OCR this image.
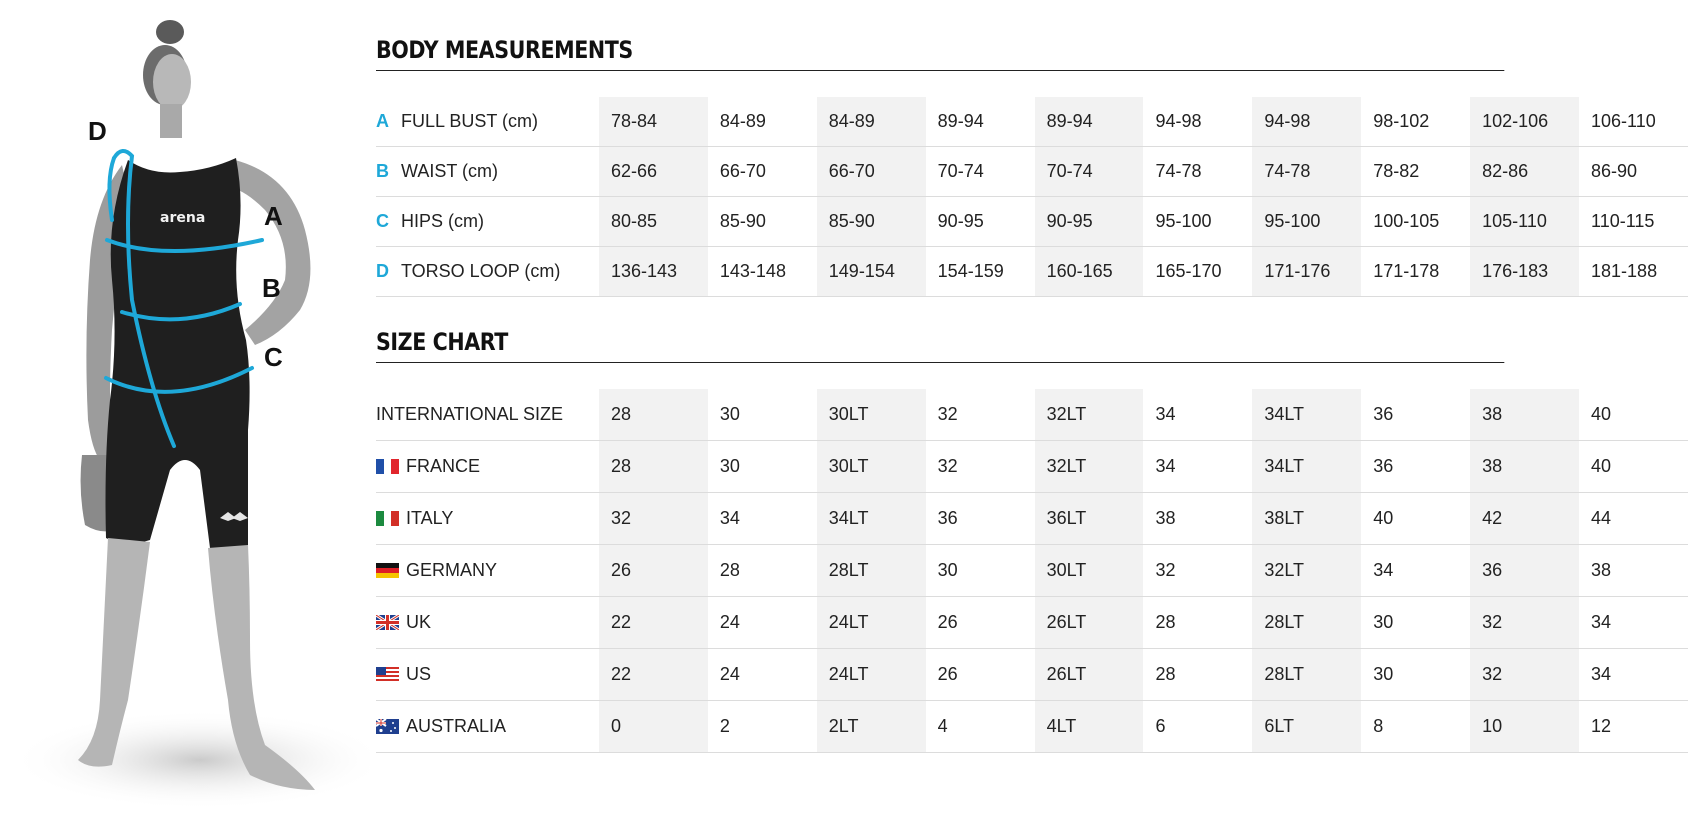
arena
D
A
B
C
BODY MEASUREMENTS
A FULL BUST (cm)	78-84	84-89	84-89	89-94	89-94	94-98	94-98	98-102	102-106	106-110
B WAIST (cm)	62-66	66-70	66-70	70-74	70-74	74-78	74-78	78-82	82-86	86-90
C HIPS (cm)	80-85	85-90	85-90	90-95	90-95	95-100	95-100	100-105	105-110	110-115
D TORSO LOOP (cm)	136-143	143-148	149-154	154-159	160-165	165-170	171-176	171-178	176-183	181-188
SIZE CHART
INTERNATIONAL SIZE	28	30	30LT	32	32LT	34	34LT	36	38	40

FRANCE	28	30	30LT	32	32LT	34	34LT	36	38	40

ITALY	32	34	34LT	36	36LT	38	38LT	40	42	44

GERMANY	26	28	28LT	30	30LT	32	32LT	34	36	38

UK	22	24	24LT	26	26LT	28	28LT	30	32	34

US	22	24	24LT	26	26LT	28	28LT	30	32	34

AUSTRALIA	0	2	2LT	4	4LT	6	6LT	8	10	12
